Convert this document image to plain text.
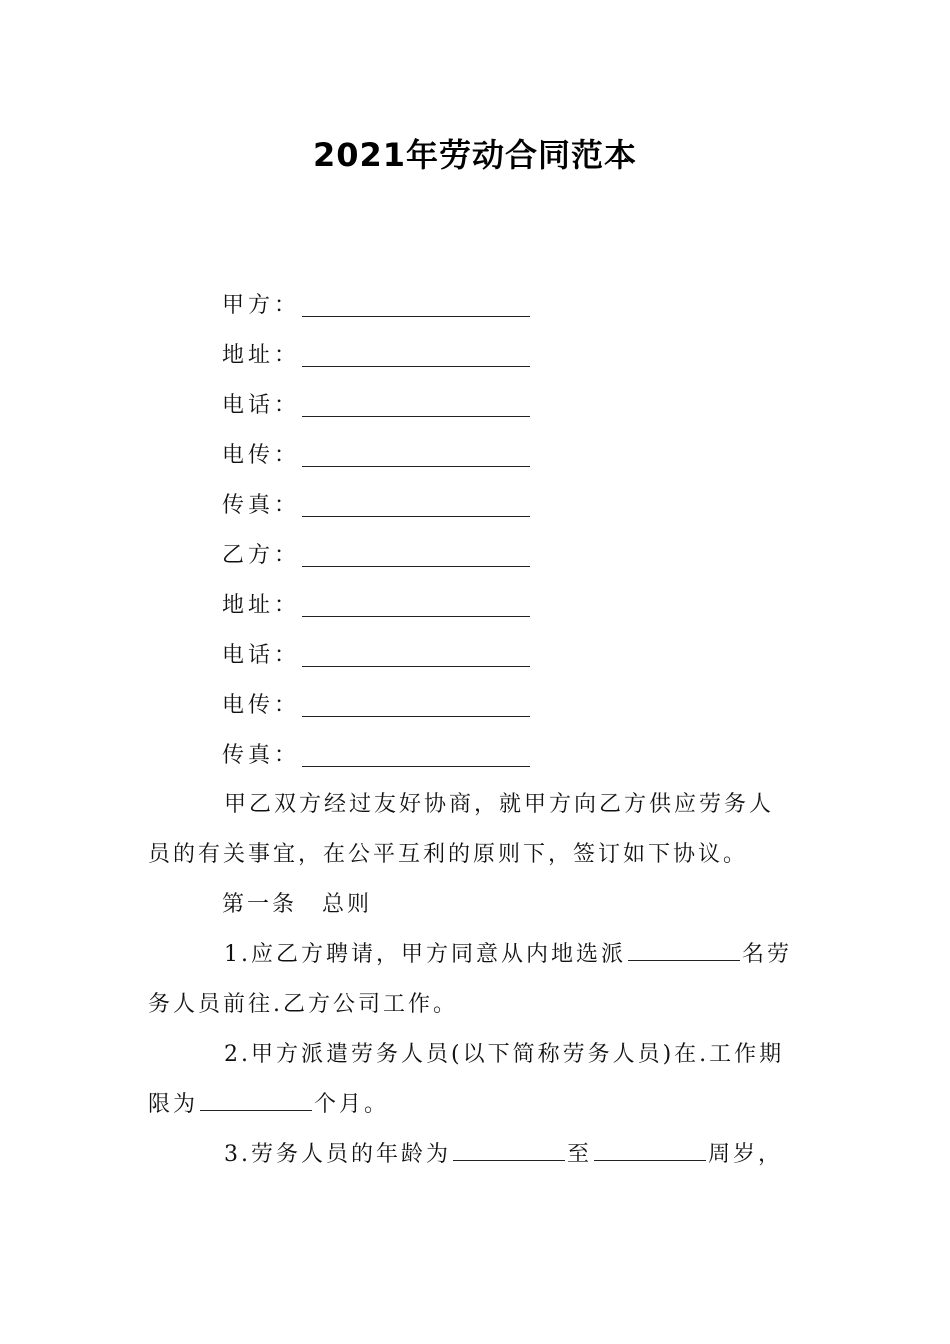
2021年劳动合同范本
甲方：
地址：
电话：
电传：
传真：
乙方：
地址：
电话：
电传：
传真：
甲乙双方经过友好协商，就甲方向乙方供应劳务人
员的有关事宜，在公平互利的原则下，签订如下协议。
第一条　总则
1.应乙方聘请，甲方同意从内地选派	名劳
务人员前往.乙方公司工作。
2.甲方派遣劳务人员(以下简称劳务人员)在.工作期
限为	个月。
3.劳务人员的年龄为	至	周岁，
